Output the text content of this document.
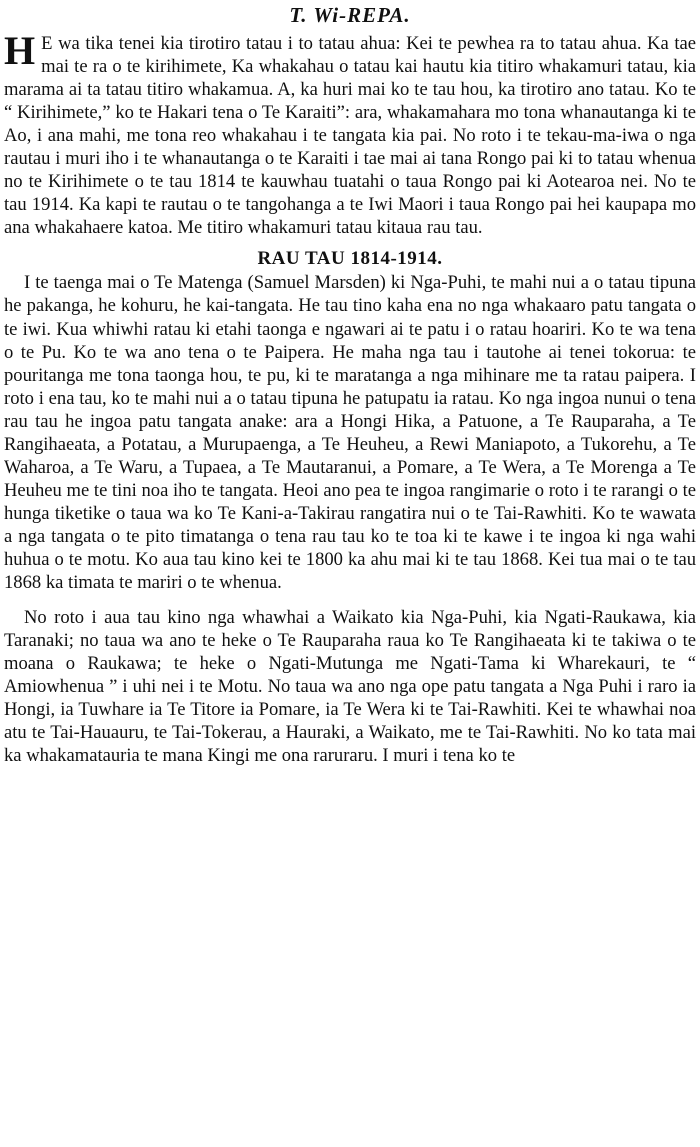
T. Wi-REPA.

H E wa tika tenei kia tirotiro tatau i to tatau ahua: Kei te pewhea ra to tatau ahua. Ka tae mai te ra o te kirihimete, Ka whakahau o tatau kai hautu kia titiro whakamuri tatau, kia marama ai ta tatau titiro whakamua. A, ka huri mai ko te tau hou, ka tirotiro ano tatau. Ko te “ Kirihimete,” ko te Hakari tena o Te Karaiti”: ara, whakamahara mo tona whanautanga ki te Ao, i ana mahi, me tona reo whakahau i te tangata kia pai. No roto i te tekau-ma-iwa o nga rautau i muri iho i te whanautanga o te Karaiti i tae mai ai tana Rongo pai ki to tatau whenua no te Kirihimete o te tau 1814 te kauwhau tuatahi o taua Rongo pai ki Aotearoa nei. No te tau 1914. Ka kapi te rautau o te tangohanga a te Iwi Maori i taua Rongo pai hei kaupapa mo ana whakahaere katoa. Me titiro whakamuri tatau kitaua rau tau.

RAU TAU 1814-1914.

I te taenga mai o Te Matenga (Samuel Marsden) ki Nga-Puhi, te mahi nui a o tatau tipuna he pakanga, he kohuru, he kai-tangata. He tau tino kaha ena no nga whakaaro patu tangata o te iwi. Kua whiwhi ratau ki etahi taonga e ngawari ai te patu i o ratau hoariri. Ko te wa tena o te Pu. Ko te wa ano tena o te Paipera. He maha nga tau i tautohe ai tenei tokorua: te pouritanga me tona taonga hou, te pu, ki te maratanga a nga mihinare me ta ratau paipera. I roto i ena tau, ko te mahi nui a o tatau tipuna he patupatu ia ratau. Ko nga ingoa nunui o tena rau tau he ingoa patu tangata anake: ara a Hongi Hika, a Patuone, a Te Rauparaha, a Te Rangihaeata, a Potatau, a Murupaenga, a Te Heuheu, a Rewi Maniapoto, a Tukorehu, a Te Waharoa, a Te Waru, a Tupaea, a Te Mautaranui, a Pomare, a Te Wera, a Te Morenga a Te Heuheu me te tini noa iho te tangata. Heoi ano pea te ingoa rangimarie o roto i te rarangi o te hunga tiketike o taua wa ko Te Kani-a-Takirau rangatira nui o te Tai-Rawhiti. Ko te wawata a nga tangata o te pito timatanga o tena rau tau ko te toa ki te kawe i te ingoa ki nga wahi huhua o te motu. Ko aua tau kino kei te 1800 ka ahu mai ki te tau 1868. Kei tua mai o te tau 1868 ka timata te mariri o te whenua.

No roto i aua tau kino nga whawhai a Waikato kia Nga-Puhi, kia Ngati-Raukawa, kia Taranaki; no taua wa ano te heke o Te Rauparaha raua ko Te Rangihaeata ki te takiwa o te moana o Raukawa; te heke o Ngati-Mutunga me Ngati-Tama ki Wharekauri, te “ Amiowhenua ” i uhi nei i te Motu. No taua wa ano nga ope patu tangata a Nga Puhi i raro ia Hongi, ia Tuwhare ia Te Titore ia Pomare, ia Te Wera ki te Tai-Rawhiti. Kei te whawhai noa atu te Tai-Hauauru, te Tai-Tokerau, a Hauraki, a Waikato, me te Tai-Rawhiti. No ko tata mai ka whakamatauria te mana Kingi me ona raruraru. I muri i tena ko te
